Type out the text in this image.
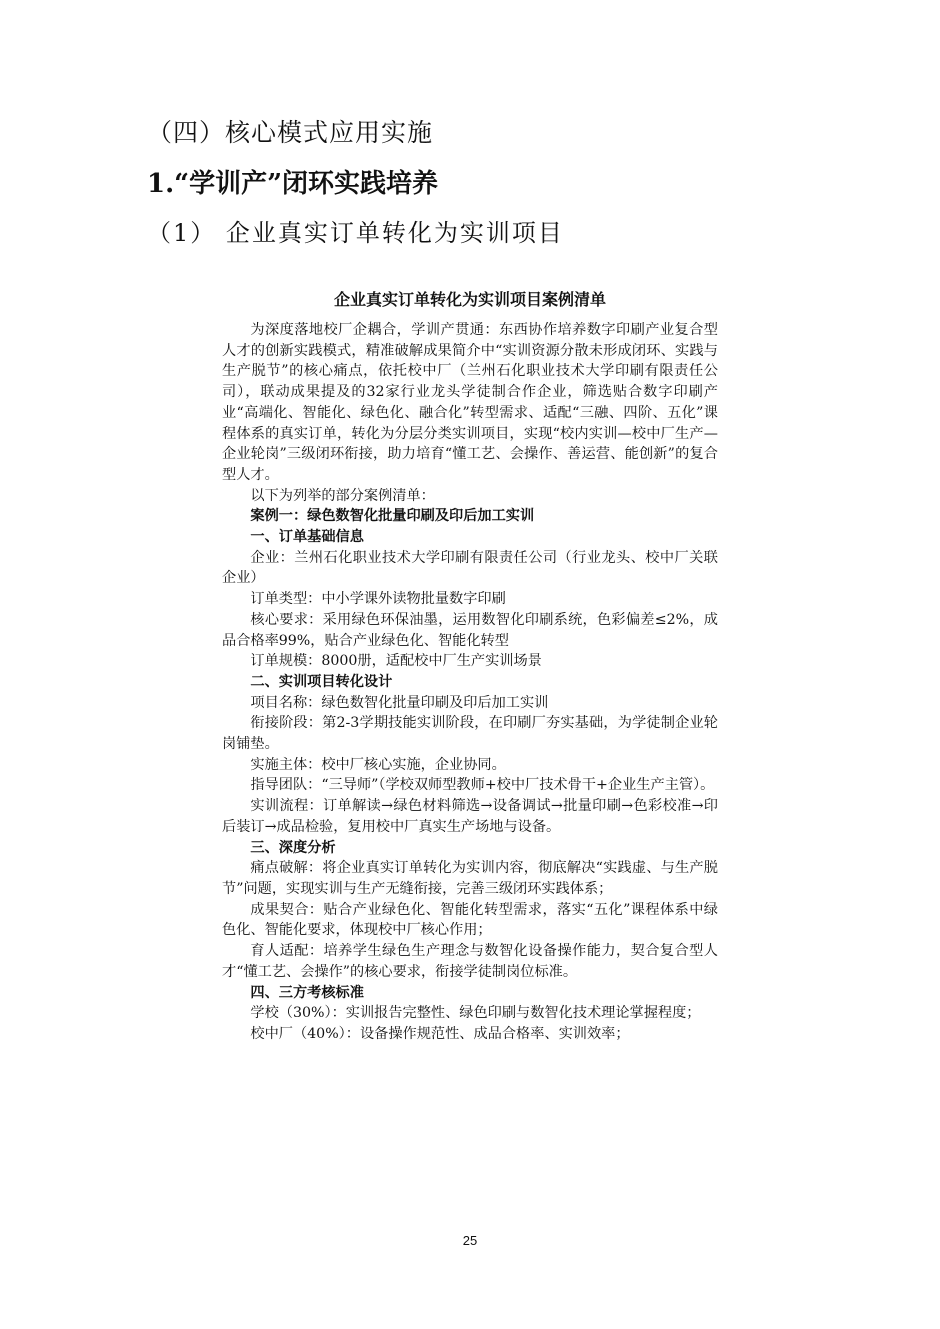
（四）核心模式应用实施
1.“学训产”闭环实践培养
（1） 企业真实订单转化为实训项目
企业真实订单转化为实训项目案例清单

为深度落地校厂企耦合，学训产贯通：东西协作培养数字印刷产业复合型人才的创新实践模式，精准破解成果简介中“实训资源分散未形成闭环、实践与生产脱节”的核心痛点，依托校中厂（兰州石化职业技术大学印刷有限责任公司），联动成果提及的32家行业龙头学徒制合作企业，筛选贴合数字印刷产业“高端化、智能化、绿色化、融合化”转型需求、适配“三融、四阶、五化”课程体系的真实订单，转化为分层分类实训项目，实现“校内实训—校中厂生产—企业轮岗”三级闭环衔接，助力培育“懂工艺、会操作、善运营、能创新”的复合型人才。

以下为列举的部分案例清单：

案例一：绿色数智化批量印刷及印后加工实训

一、订单基础信息

企业：兰州石化职业技术大学印刷有限责任公司（行业龙头、校中厂关联企业）

订单类型：中小学课外读物批量数字印刷

核心要求：采用绿色环保油墨，运用数智化印刷系统，色彩偏差≤2%，成品合格率99%，贴合产业绿色化、智能化转型

订单规模：8000册，适配校中厂生产实训场景

二、实训项目转化设计

项目名称：绿色数智化批量印刷及印后加工实训

衔接阶段：第2-3学期技能实训阶段，在印刷厂夯实基础，为学徒制企业轮岗铺垫。

实施主体：校中厂核心实施，企业协同。

指导团队：“三导师”（学校双师型教师+校中厂技术骨干+企业生产主管）。

实训流程：订单解读→绿色材料筛选→设备调试→批量印刷→色彩校准→印后装订→成品检验，复用校中厂真实生产场地与设备。

三、深度分析

痛点破解：将企业真实订单转化为实训内容，彻底解决“实践虚、与生产脱节”问题，实现实训与生产无缝衔接，完善三级闭环实践体系；

成果契合：贴合产业绿色化、智能化转型需求，落实“五化”课程体系中绿色化、智能化要求，体现校中厂核心作用；

育人适配：培养学生绿色生产理念与数智化设备操作能力，契合复合型人才“懂工艺、会操作”的核心要求，衔接学徒制岗位标准。

四、三方考核标准

学校（30%）：实训报告完整性、绿色印刷与数智化技术理论掌握程度；

校中厂（40%）：设备操作规范性、成品合格率、实训效率；

25
